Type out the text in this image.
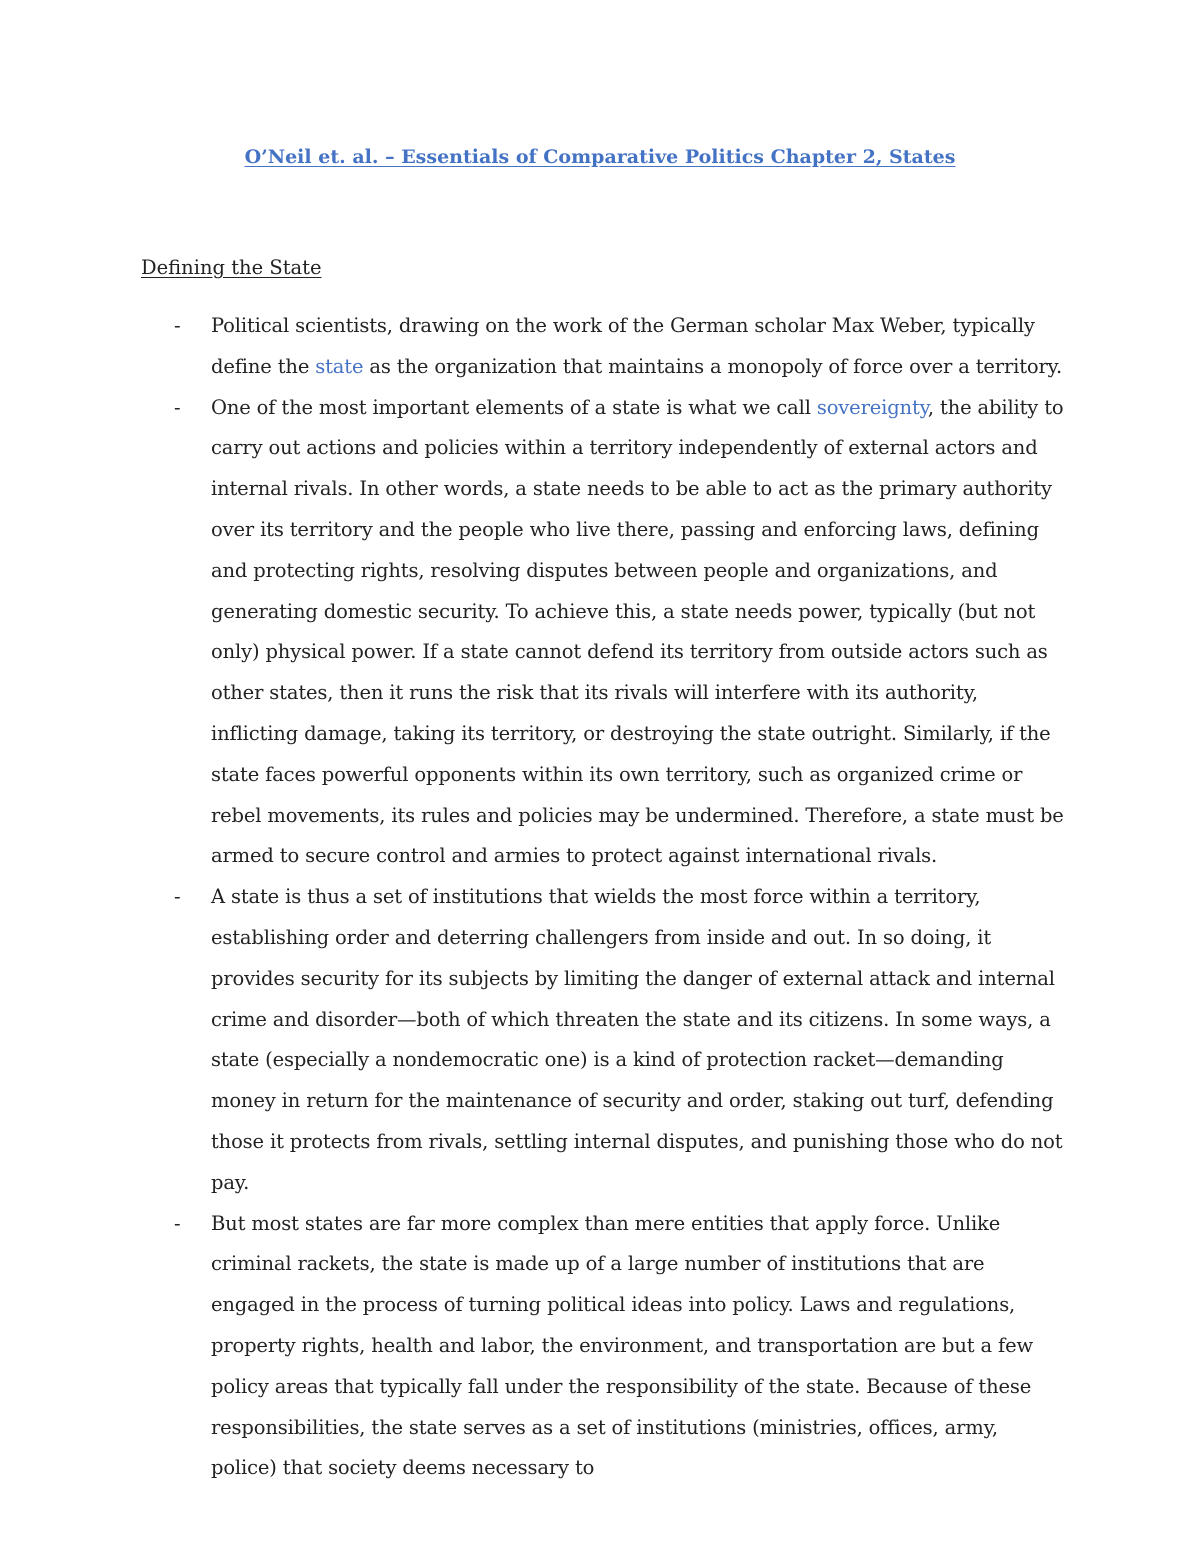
O’Neil et. al. – Essentials of Comparative Politics Chapter 2, States
Defining the State
-	Political scientists, drawing on the work of the German scholar Max Weber, typically define the state as the organization that maintains a monopoly of force over a territory.
-	One of the most important elements of a state is what we call sovereignty, the ability to carry out actions and policies within a territory independently of external actors and internal rivals. In other words, a state needs to be able to act as the primary authority over its territory and the people who live there, passing and enforcing laws, defining and protecting rights, resolving disputes between people and organizations, and generating domestic security. To achieve this, a state needs power, typically (but not only) physical power. If a state cannot defend its territory from outside actors such as other states, then it runs the risk that its rivals will interfere with its authority, inflicting damage, taking its territory, or destroying the state outright. Similarly, if the state faces powerful opponents within its own territory, such as organized crime or rebel movements, its rules and policies may be undermined. Therefore, a state must be armed to secure control and armies to protect against international rivals.
-	A state is thus a set of institutions that wields the most force within a territory, establishing order and deterring challengers from inside and out. In so doing, it provides security for its subjects by limiting the danger of external attack and internal crime and disorder—both of which threaten the state and its citizens. In some ways, a state (especially a nondemocratic one) is a kind of protection racket—demanding money in return for the maintenance of security and order, staking out turf, defending those it protects from rivals, settling internal disputes, and punishing those who do not pay.
-	But most states are far more complex than mere entities that apply force. Unlike criminal rackets, the state is made up of a large number of institutions that are engaged in the process of turning political ideas into policy. Laws and regulations, property rights, health and labor, the environment, and transportation are but a few policy areas that typically fall under the responsibility of the state. Because of these responsibilities, the state serves as a set of institutions (ministries, offices, army, police) that society deems necessary to
